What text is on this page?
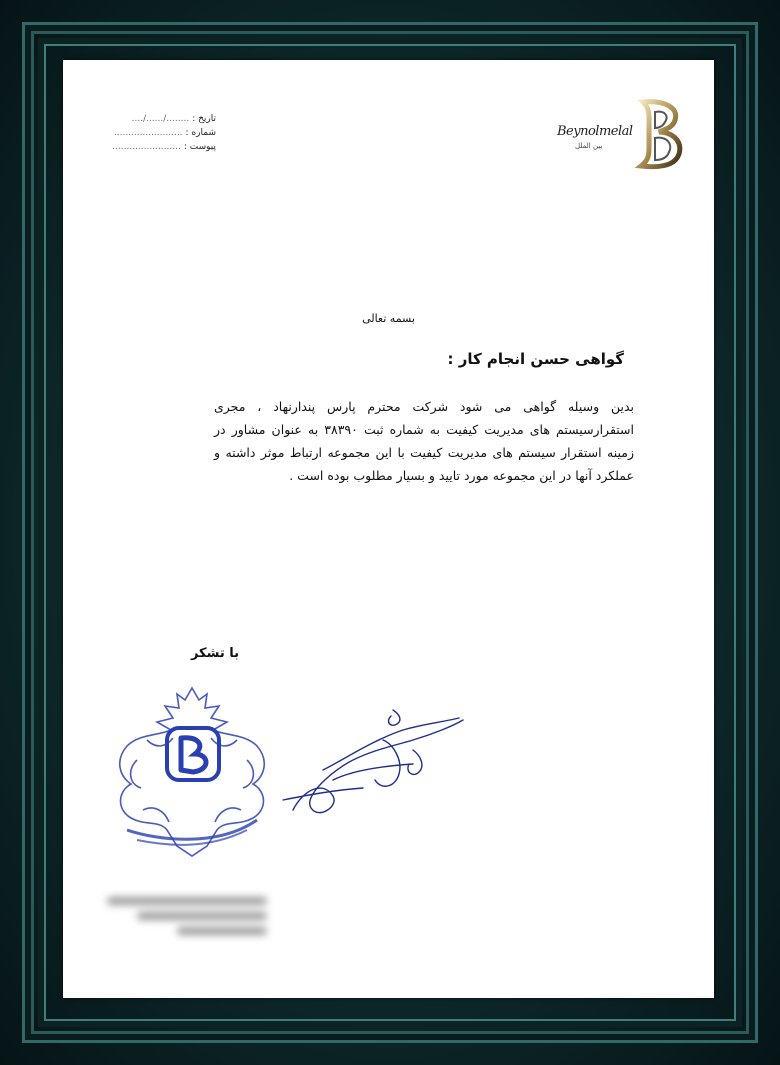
تاریخ :
..../....../........
شماره :
........................
پیوست :
........................
Beynolmelal
بین الملل
بسمه تعالی
گواهی حسن انجام کار :
بدین وسیله گواهی می شود شرکت محترم پارس پندارنهاد ، مجری استقرارسیستم های مدیریت کیفیت به شماره ثبت ۳۸۳۹۰ به عنوان مشاور در زمینه استقرار سیستم های مدیریت کیفیت با این مجموعه ارتباط موثر داشته و عملکرد آنها در این مجموعه مورد تایید و بسیار مطلوب بوده است .
با تشکر
